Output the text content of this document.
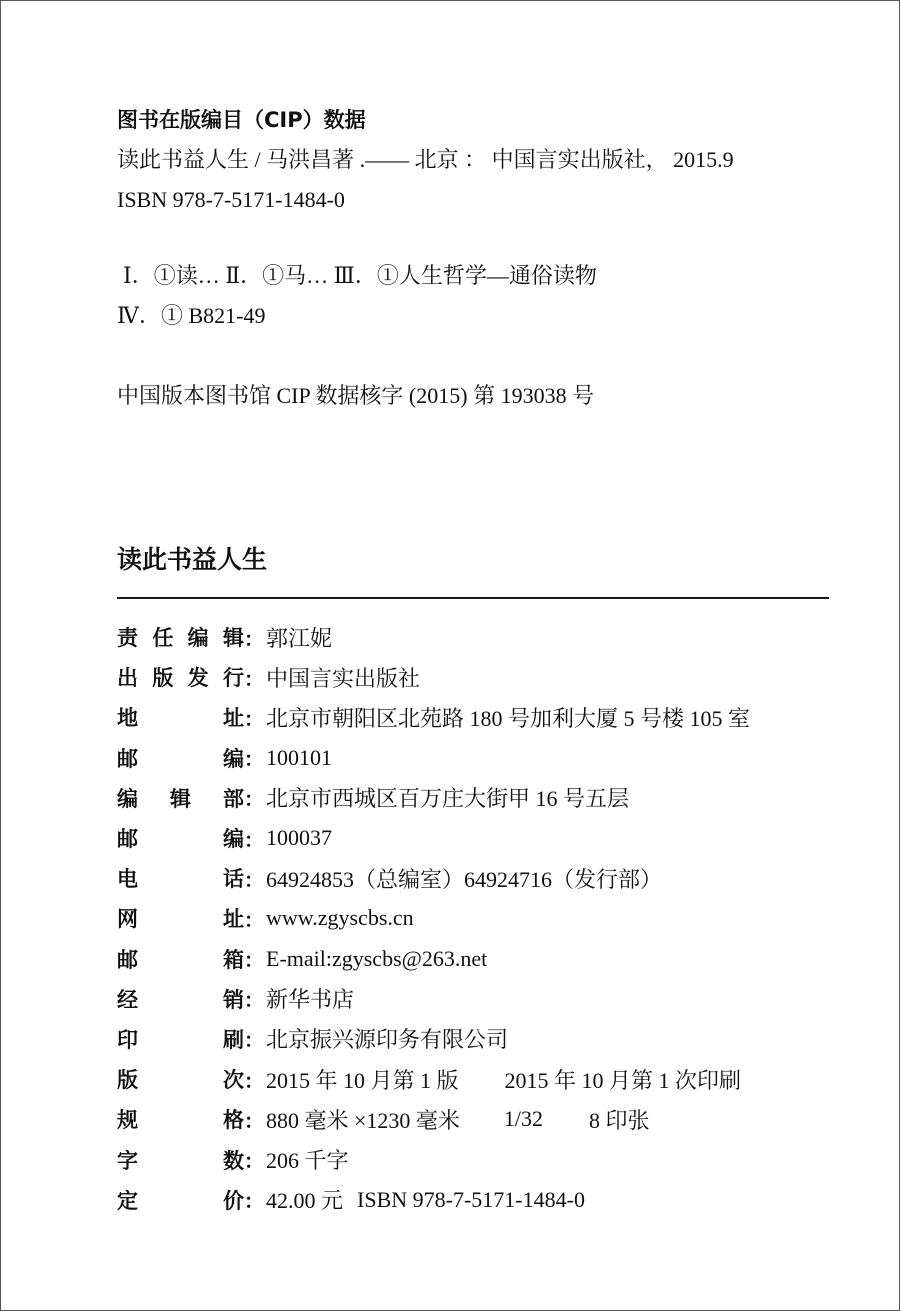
图书在版编目（CIP）数据
读此书益人生 / 马洪昌著 .—— 北京 ： 中国言实出版社， 2015.9
ISBN 978-7-5171-1484-0
Ⅰ．①读… Ⅱ．①马… Ⅲ．①人生哲学—通俗读物
Ⅳ．① B821-49
中国版本图书馆 CIP 数据核字 (2015) 第 193038 号
读此书益人生
责 任 编 辑 ： 郭江妮
出 版 发 行 ： 中国言实出版社
地	址 ： 北京市朝阳区北苑路 180 号加利大厦 5 号楼 105 室
邮	编 ： 100101
编 辑 部 ： 北京市西城区百万庄大街甲 16 号五层
邮	编 ： 100037
电	话 ： 64924853（总编室）64924716（发行部）
网	址 ： www.zgyscbs.cn
邮	箱 ： E-mail:zgyscbs@263.net
经	销 ： 新华书店
印	刷 ： 北京振兴源印务有限公司
版	次 ： 2015 年 10 月第 1 版	2015 年 10 月第 1 次印刷
规	格 ： 880 毫米 ×1230 毫米	1/32	8 印张
字	数 ： 206 千字
定	价 ： 42.00 元 ISBN 978-7-5171-1484-0
